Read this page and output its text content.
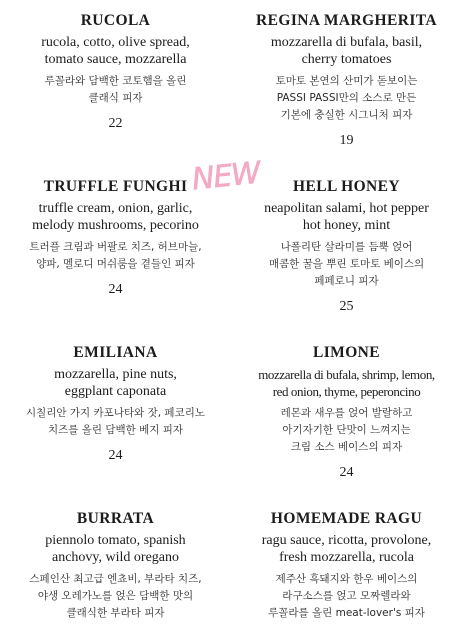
RUCOLA
rucola, cotto, olive spread,
tomato sauce, mozzarella
루꼴라와 담백한 코토햄을 올린
클래식 피자
22
REGINA MARGHERITA
mozzarella di bufala, basil,
cherry tomatoes
토마토 본연의 산미가 돋보이는
PASSI PASSI만의 소스로 만든
기본에 충실한 시그니처 피자
19
TRUFFLE FUNGHI
truffle cream, onion, garlic,
melody mushrooms, pecorino
트러플 크림과 버팔로 치즈, 허브마늘,
양파, 멜로디 머쉬룸을 곁들인 피자
24
HELL HONEY
neapolitan salami, hot pepper
hot honey, mint
나폴리탄 살라미를 듬뿍 얹어
매콤한 꿀을 뿌린 토마토 베이스의
페페로니 피자
25
EMILIANA
mozzarella, pine nuts,
eggplant caponata
시칠리안 가지 카포나타와 잣, 페코리노
치즈를 올린 담백한 베지 피자
24
LIMONE
mozzarella di bufala, shrimp, lemon,
red onion, thyme, peperoncino
레몬과 새우를 얹어 발랄하고
아기자기한 단맛이 느껴지는
크림 소스 베이스의 피자
24
BURRATA
piennolo tomato, spanish
anchovy, wild oregano
스페인산 최고급 엔쵸비, 부라타 치즈,
야생 오레가노를 얹은 담백한 맛의
클래식한 부라타 피자
HOMEMADE RAGU
ragu sauce, ricotta, provolone,
fresh mozzarella, rucola
제주산 흑돼지와 한우 베이스의
라구소스를 얹고 모짜렐라와
루꼴라를 올린 meat-lover's 피자
NEW
